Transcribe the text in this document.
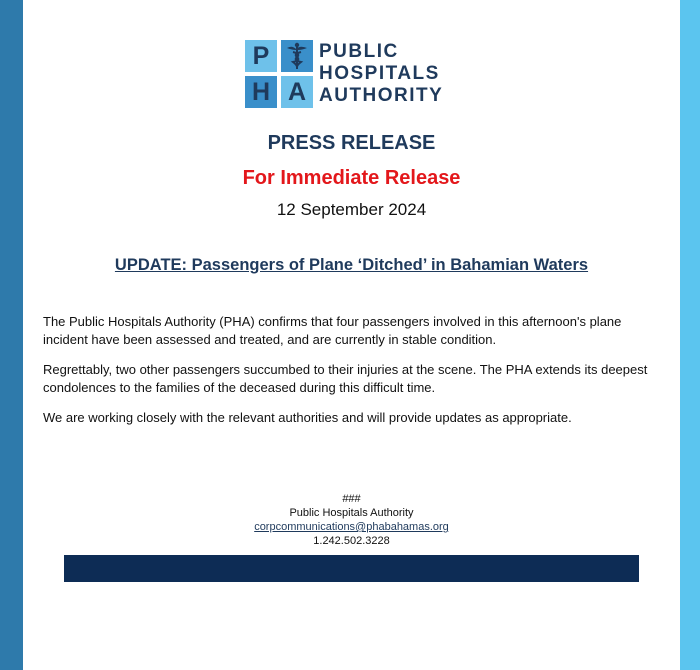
P
H A
PUBLIC
HOSPITALS
AUTHORITY
PRESS RELEASE
For Immediate Release
12 September 2024
UPDATE: Passengers of Plane ‘Ditched’ in Bahamian Waters
The Public Hospitals Authority (PHA) confirms that four passengers involved in this afternoon's plane incident have been assessed and treated, and are currently in stable condition.
Regrettably, two other passengers succumbed to their injuries at the scene. The PHA extends its deepest condolences to the families of the deceased during this difficult time.
We are working closely with the relevant authorities and will provide updates as appropriate.
###
Public Hospitals Authority
corpcommunications@phabahamas.org
1.242.502.3228
